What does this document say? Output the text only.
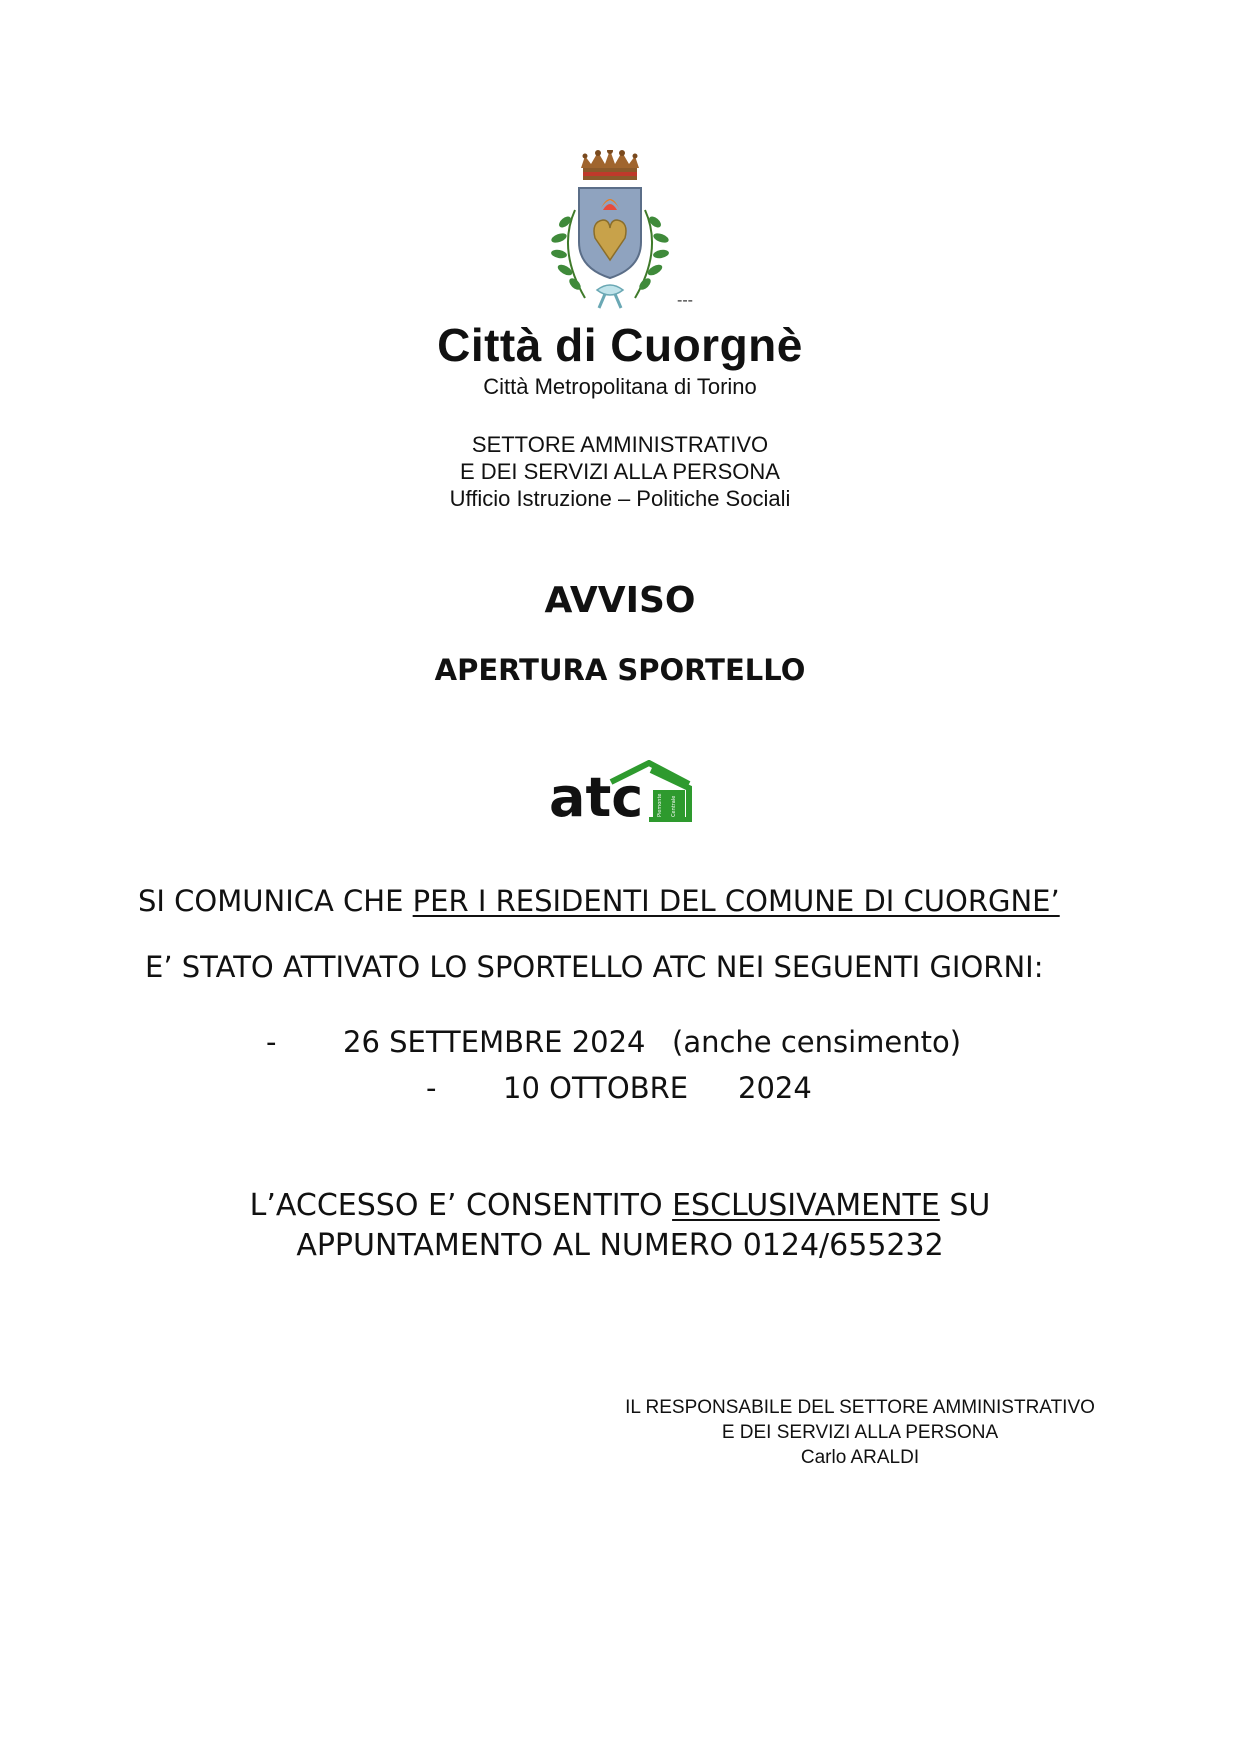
---
Città di Cuorgnè
Città Metropolitana di Torino
SETTORE AMMINISTRATIVO
E DEI SERVIZI ALLA PERSONA
Ufficio Istruzione – Politiche Sociali
AVVISO
APERTURA SPORTELLO
atc	Piemonte Centrale
SI COMUNICA CHE PER I RESIDENTI DEL COMUNE DI CUORGNE’
E’ STATO ATTIVATO LO SPORTELLO ATC NEI SEGUENTI GIORNI:
- 26 SETTEMBRE 2024 (anche censimento)
- 10 OTTOBRE 2024
L’ACCESSO E’ CONSENTITO ESCLUSIVAMENTE SU
APPUNTAMENTO AL NUMERO 0124/655232
IL RESPONSABILE DEL SETTORE AMMINISTRATIVO
E DEI SERVIZI ALLA PERSONA
Carlo ARALDI
